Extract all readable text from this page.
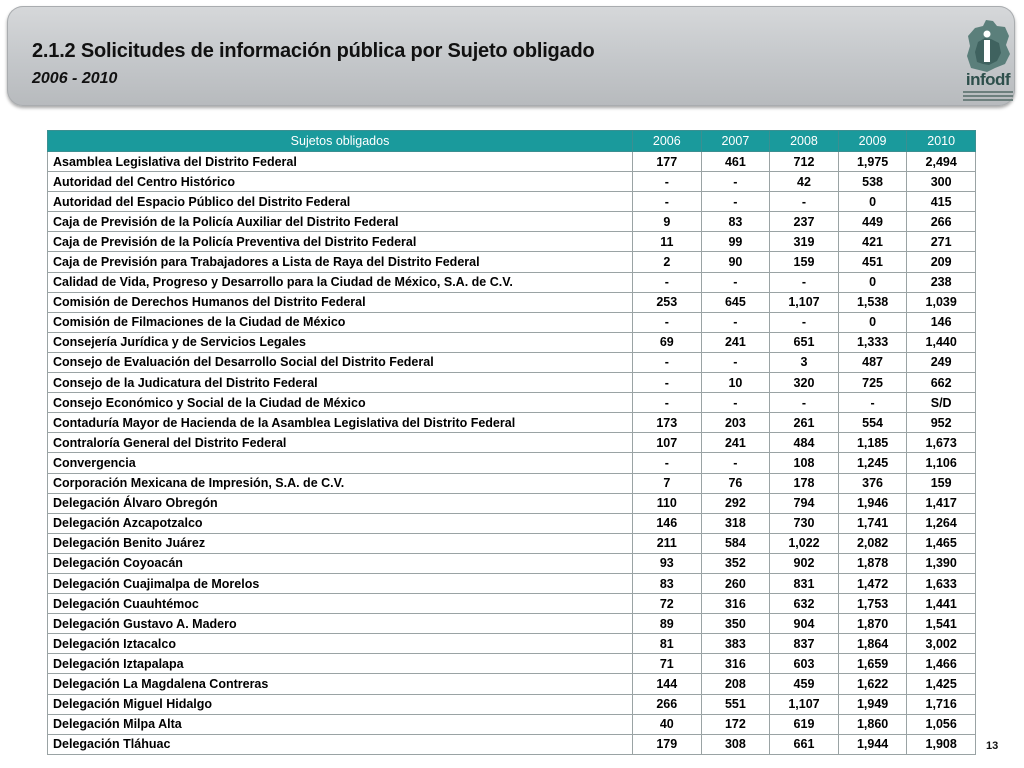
2.1.2 Solicitudes de información pública por Sujeto obligado
2006 - 2010	infodf
Sujetos obligados	2006	2007	2008	2009	2010
Asamblea Legislativa del Distrito Federal	177	461	712	1,975	2,494
Autoridad del Centro Histórico	-	-	42	538	300
Autoridad del Espacio Público del Distrito Federal	-	-	-	0	415
Caja de Previsión de la Policía Auxiliar del Distrito Federal	9	83	237	449	266
Caja de Previsión de la Policía Preventiva del Distrito Federal	11	99	319	421	271
Caja de Previsión para Trabajadores a Lista de Raya del Distrito Federal	2	90	159	451	209
Calidad de Vida, Progreso y Desarrollo para la Ciudad de México, S.A. de C.V.	-	-	-	0	238
Comisión de Derechos Humanos del Distrito Federal	253	645	1,107	1,538	1,039
Comisión de Filmaciones de la Ciudad de México	-	-	-	0	146
Consejería Jurídica y de Servicios Legales	69	241	651	1,333	1,440
Consejo de Evaluación del Desarrollo Social del Distrito Federal	-	-	3	487	249
Consejo de la Judicatura del Distrito Federal	-	10	320	725	662
Consejo Económico y Social de la Ciudad de México	-	-	-	-	S/D
Contaduría Mayor de Hacienda de la Asamblea Legislativa del Distrito Federal	173	203	261	554	952
Contraloría General del Distrito Federal	107	241	484	1,185	1,673
Convergencia	-	-	108	1,245	1,106
Corporación Mexicana de Impresión, S.A. de C.V.	7	76	178	376	159
Delegación Álvaro Obregón	110	292	794	1,946	1,417
Delegación Azcapotzalco	146	318	730	1,741	1,264
Delegación Benito Juárez	211	584	1,022	2,082	1,465
Delegación Coyoacán	93	352	902	1,878	1,390
Delegación Cuajimalpa de Morelos	83	260	831	1,472	1,633
Delegación Cuauhtémoc	72	316	632	1,753	1,441
Delegación Gustavo A. Madero	89	350	904	1,870	1,541
Delegación Iztacalco	81	383	837	1,864	3,002
Delegación Iztapalapa	71	316	603	1,659	1,466
Delegación La Magdalena Contreras	144	208	459	1,622	1,425
Delegación Miguel Hidalgo	266	551	1,107	1,949	1,716
Delegación Milpa Alta	40	172	619	1,860	1,056
Delegación Tláhuac	179	308	661	1,944	1,908	13
